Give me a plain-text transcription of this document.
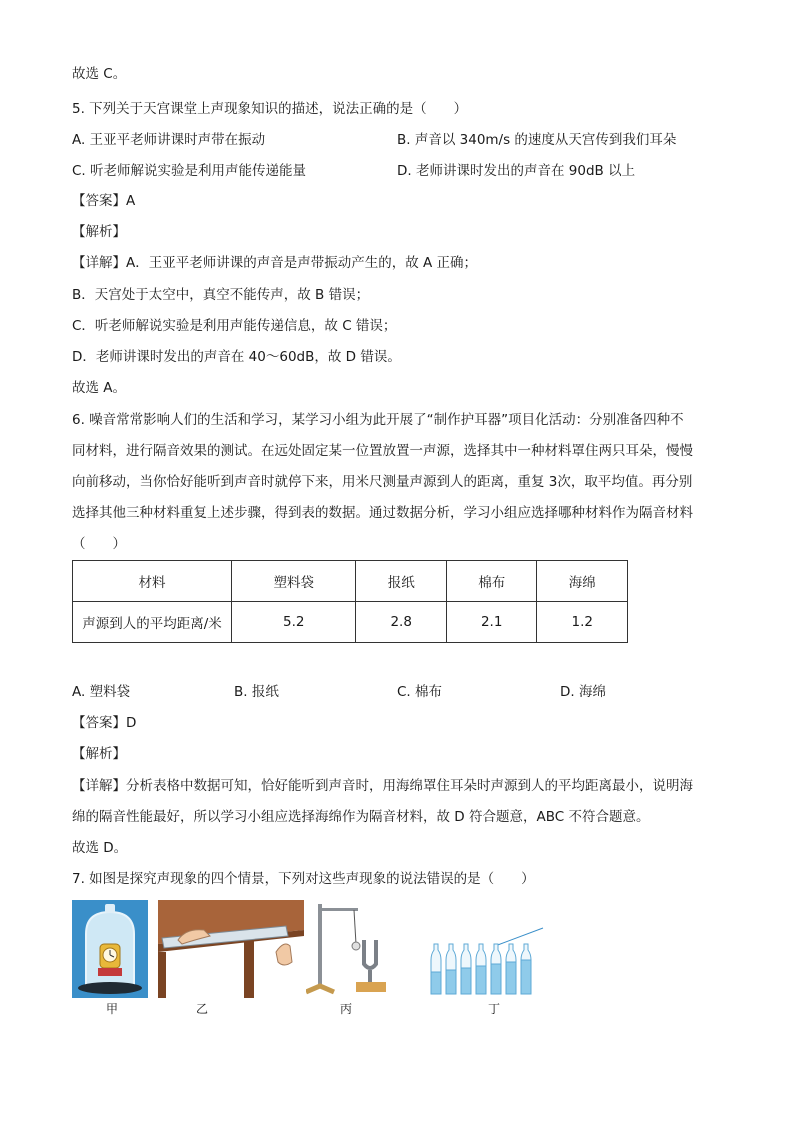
故选 C。
5. 下列关于天宫课堂上声现象知识的描述，说法正确的是（　　）
A. 王亚平老师讲课时声带在振动	B. 声音以 340m/s 的速度从天宫传到我们耳朵
C. 听老师解说实验是利用声能传递能量	D. 老师讲课时发出的声音在 90dB 以上
【答案】A
【解析】
【详解】A．王亚平老师讲课的声音是声带振动产生的，故 A 正确；
B．天宫处于太空中，真空不能传声，故 B 错误；
C．听老师解说实验是利用声能传递信息，故 C 错误；
D．老师讲课时发出的声音在 40～60dB，故 D 错误。
故选 A。
6. 噪音常常影响人们的生活和学习，某学习小组为此开展了“制作护耳器”项目化活动：分别准备四种不
同材料，进行隔音效果的测试。在远处固定某一位置放置一声源，选择其中一种材料罩住两只耳朵，慢慢
向前移动，当你恰好能听到声音时就停下来，用米尺测量声源到人的距离，重复 3次，取平均值。再分别
选择其他三种材料重复上述步骤，得到表的数据。通过数据分析，学习小组应选择哪种材料作为隔音材料
（　　）
材料	塑料袋	报纸	棉布	海绵
声源到人的平均距离/米	5.2	2.8	2.1	1.2
A. 塑料袋	B. 报纸	C. 棉布	D. 海绵
【答案】D
【解析】
【详解】分析表格中数据可知，恰好能听到声音时，用海绵罩住耳朵时声源到人的平均距离最小，说明海
绵的隔音性能最好，所以学习小组应选择海绵作为隔音材料，故 D 符合题意，ABC 不符合题意。
故选 D。
7. 如图是探究声现象的四个情景，下列对这些声现象的说法错误的是（　　）
甲	乙	丙	丁
